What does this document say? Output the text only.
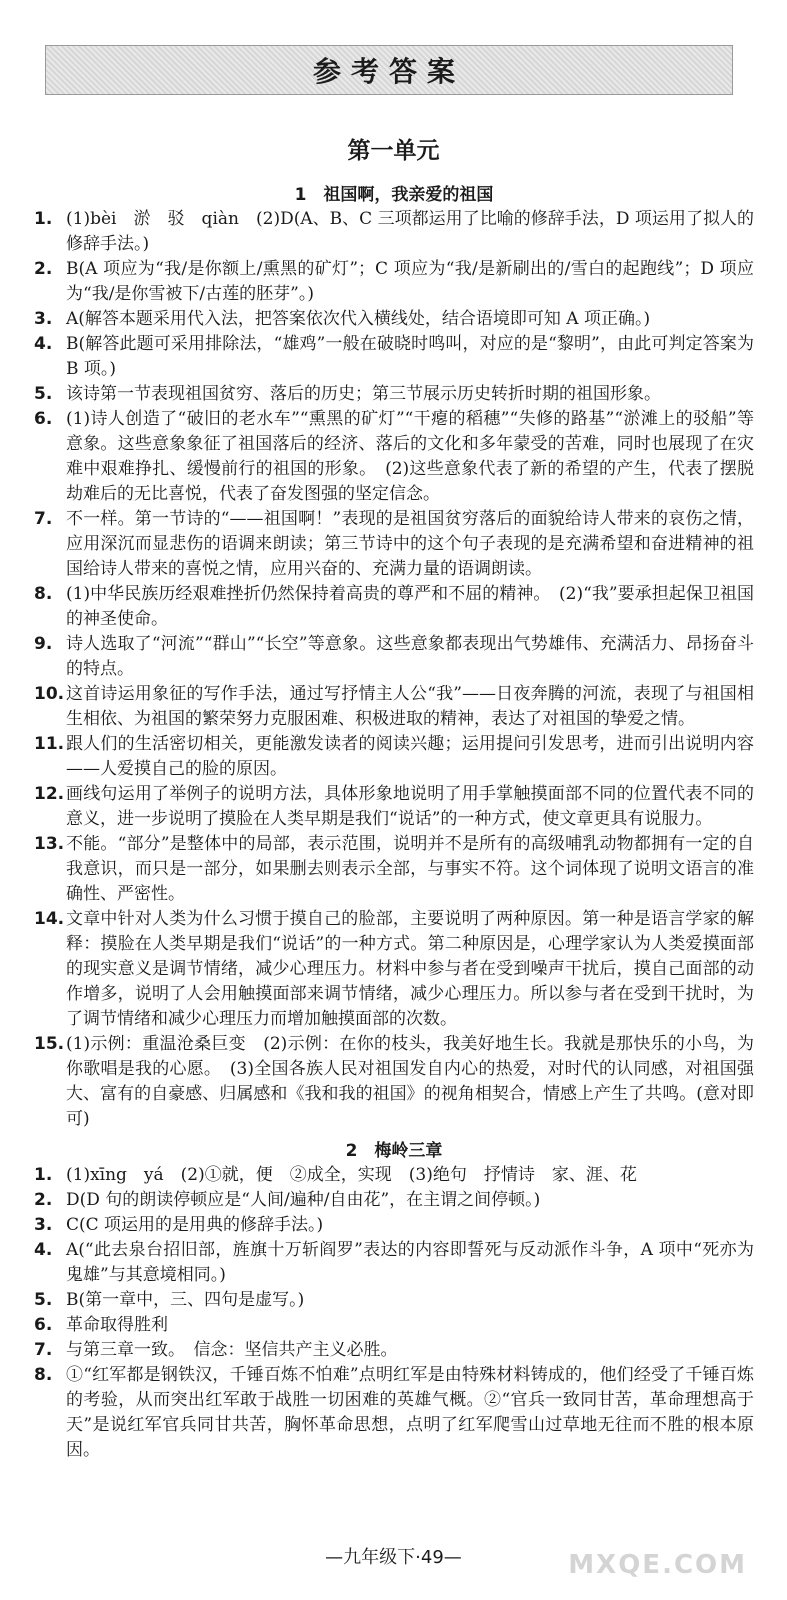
参考答案
第一单元
1　祖国啊，我亲爱的祖国
1. (1)bèi　淤　驳　qiàn　(2)D(A、B、C 三项都运用了比喻的修辞手法，D 项运用了拟人的修辞手法。)
2. B(A 项应为“我/是你额上/熏黑的矿灯”；C 项应为“我/是新刷出的/雪白的起跑线”；D 项应为“我/是你雪被下/古莲的胚芽”。)
3. A(解答本题采用代入法，把答案依次代入横线处，结合语境即可知 A 项正确。)
4. B(解答此题可采用排除法，“雄鸡”一般在破晓时鸣叫，对应的是“黎明”，由此可判定答案为 B 项。)
5. 该诗第一节表现祖国贫穷、落后的历史；第三节展示历史转折时期的祖国形象。
6. (1)诗人创造了“破旧的老水车”“熏黑的矿灯”“干瘪的稻穗”“失修的路基”“淤滩上的驳船”等意象。这些意象象征了祖国落后的经济、落后的文化和多年蒙受的苦难，同时也展现了在灾难中艰难挣扎、缓慢前行的祖国的形象。　(2)这些意象代表了新的希望的产生，代表了摆脱劫难后的无比喜悦，代表了奋发图强的坚定信念。
7. 不一样。第一节诗的“——祖国啊！”表现的是祖国贫穷落后的面貌给诗人带来的哀伤之情，应用深沉而显悲伤的语调来朗读；第三节诗中的这个句子表现的是充满希望和奋进精神的祖国给诗人带来的喜悦之情，应用兴奋的、充满力量的语调朗读。
8. (1)中华民族历经艰难挫折仍然保持着高贵的尊严和不屈的精神。　(2)“我”要承担起保卫祖国的神圣使命。
9. 诗人选取了“河流”“群山”“长空”等意象。这些意象都表现出气势雄伟、充满活力、昂扬奋斗的特点。
10. 这首诗运用象征的写作手法，通过写抒情主人公“我”——日夜奔腾的河流，表现了与祖国相生相依、为祖国的繁荣努力克服困难、积极进取的精神，表达了对祖国的挚爱之情。
11. 跟人们的生活密切相关，更能激发读者的阅读兴趣；运用提问引发思考，进而引出说明内容——人爱摸自己的脸的原因。
12. 画线句运用了举例子的说明方法，具体形象地说明了用手掌触摸面部不同的位置代表不同的意义，进一步说明了摸脸在人类早期是我们“说话”的一种方式，使文章更具有说服力。
13. 不能。“部分”是整体中的局部，表示范围，说明并不是所有的高级哺乳动物都拥有一定的自我意识，而只是一部分，如果删去则表示全部，与事实不符。这个词体现了说明文语言的准确性、严密性。
14. 文章中针对人类为什么习惯于摸自己的脸部，主要说明了两种原因。第一种是语言学家的解释：摸脸在人类早期是我们“说话”的一种方式。第二种原因是，心理学家认为人类爱摸面部的现实意义是调节情绪，减少心理压力。材料中参与者在受到噪声干扰后，摸自己面部的动作增多，说明了人会用触摸面部来调节情绪，减少心理压力。所以参与者在受到干扰时，为了调节情绪和减少心理压力而增加触摸面部的次数。
15. (1)示例：重温沧桑巨变　(2)示例：在你的枝头，我美好地生长。我就是那快乐的小鸟，为你歌唱是我的心愿。　(3)全国各族人民对祖国发自内心的热爱，对时代的认同感，对祖国强大、富有的自豪感、归属感和《我和我的祖国》的视角相契合，情感上产生了共鸣。(意对即可)
2　梅岭三章
1. (1)xīng　yá　(2)①就，便　②成全，实现　(3)绝句　抒情诗　家、涯、花
2. D(D 句的朗读停顿应是“人间/遍种/自由花”，在主谓之间停顿。)
3. C(C 项运用的是用典的修辞手法。)
4. A(“此去泉台招旧部，旌旗十万斩阎罗”表达的内容即誓死与反动派作斗争，A 项中“死亦为鬼雄”与其意境相同。)
5. B(第一章中，三、四句是虚写。)
6. 革命取得胜利
7. 与第三章一致。　信念：坚信共产主义必胜。
8. ①“红军都是钢铁汉，千锤百炼不怕难”点明红军是由特殊材料铸成的，他们经受了千锤百炼的考验，从而突出红军敢于战胜一切困难的英雄气概。②“官兵一致同甘苦，革命理想高于天”是说红军官兵同甘共苦，胸怀革命思想，点明了红军爬雪山过草地无往而不胜的根本原因。
—九年级下·49—	MXQE.COM
